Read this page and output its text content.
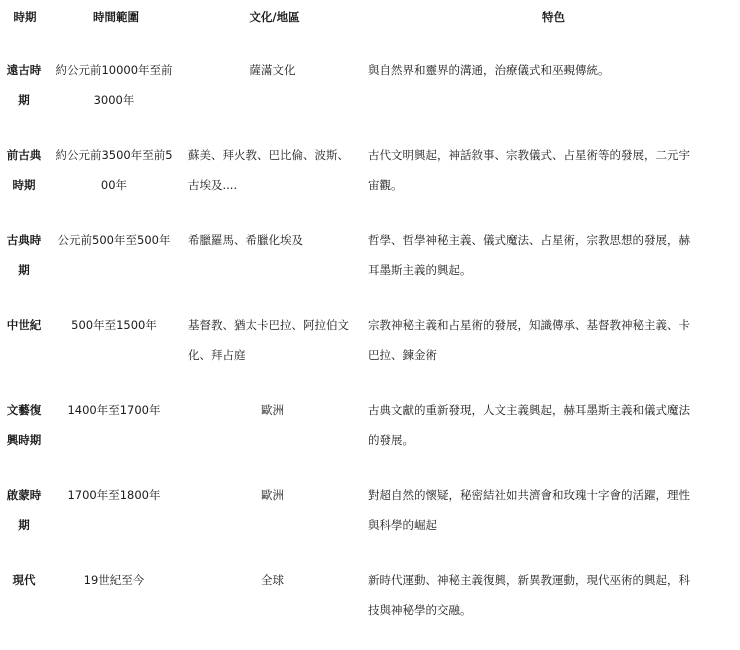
時期	時間範圍	文化/地區	特色
遠古時期	約公元前10000年至前3000年	薩滿文化	與自然界和靈界的溝通，治療儀式和巫覡傳統。
前古典時期	約公元前3500年至前500年	蘇美、拜火教、巴比倫、波斯、古埃及....	古代文明興起，神話敘事、宗教儀式、占星術等的發展，二元宇宙觀。
古典時期	公元前500年至500年	希臘羅馬、希臘化埃及	哲學、哲學神秘主義、儀式魔法、占星術，宗教思想的發展，赫耳墨斯主義的興起。
中世紀	500年至1500年	基督教、猶太卡巴拉、阿拉伯文化、拜占庭	宗教神秘主義和占星術的發展，知識傳承、基督教神秘主義、卡巴拉、鍊金術
文藝復興時期	1400年至1700年	歐洲	古典文獻的重新發現，人文主義興起，赫耳墨斯主義和儀式魔法的發展。
啟蒙時期	1700年至1800年	歐洲	對超自然的懷疑，秘密結社如共濟會和玫瑰十字會的活躍，理性與科學的崛起
現代	19世紀至今	全球	新時代運動、神秘主義復興，新異教運動，現代巫術的興起，科技與神秘學的交融。
